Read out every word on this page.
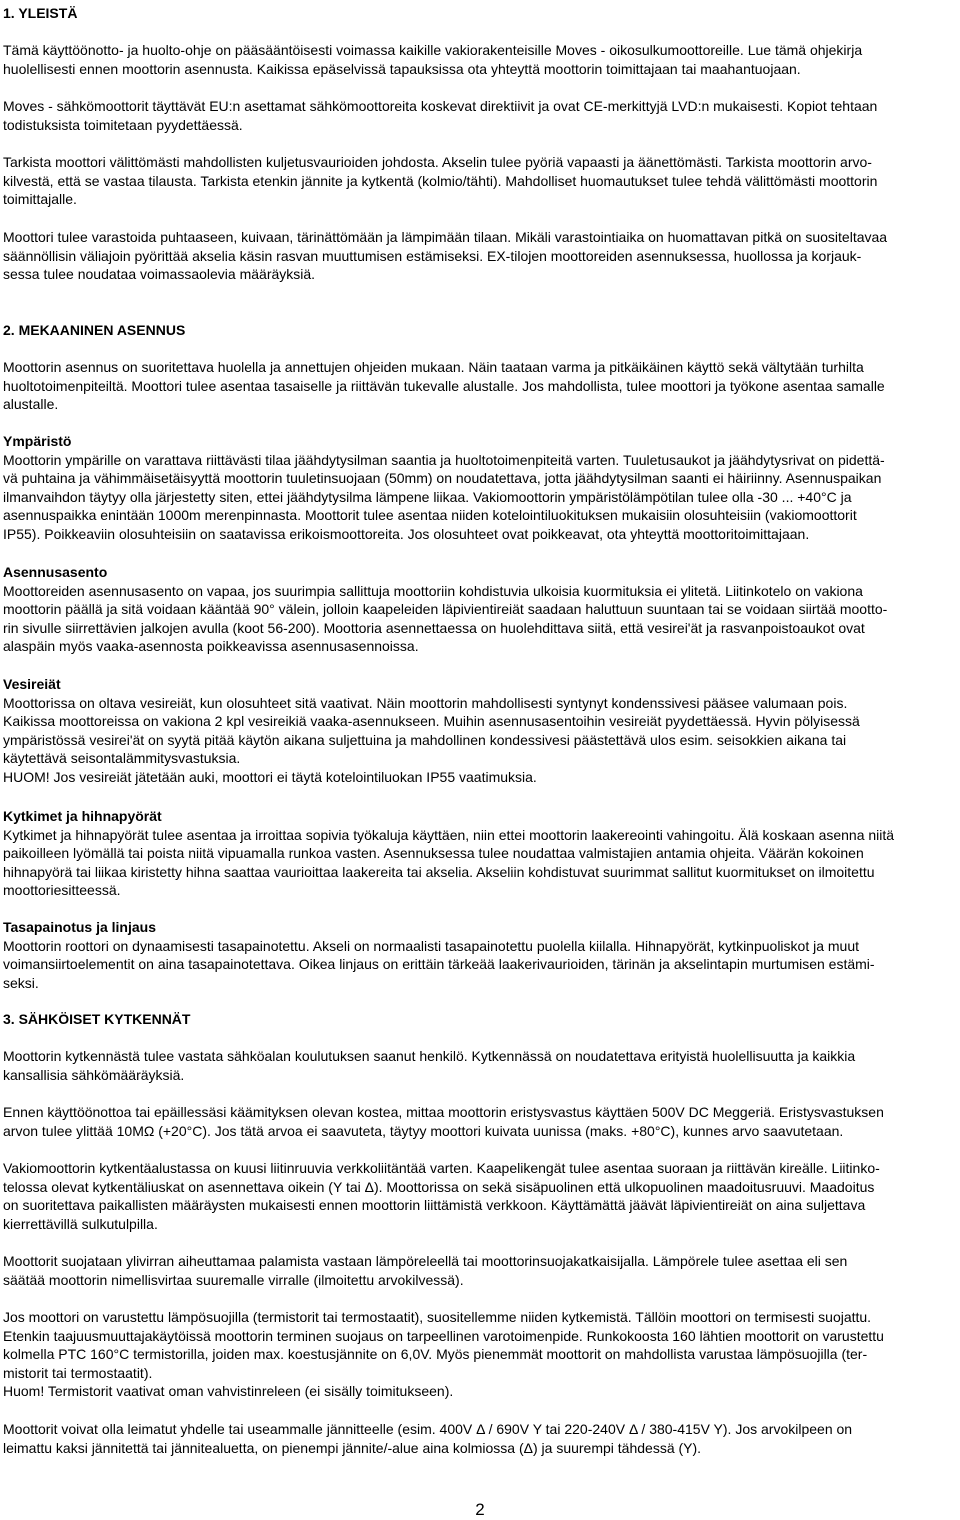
1. YLEISTÄ
Tämä käyttöönotto- ja huolto-ohje on pääsääntöisesti voimassa kaikille vakiorakenteisille Moves - oikosulkumoottoreille. Lue tämä ohjekirja
huolellisesti ennen moottorin asennusta. Kaikissa epäselvissä tapauksissa ota yhteyttä moottorin toimittajaan tai maahantuojaan.
Moves - sähkömoottorit täyttävät EU:n asettamat sähkömoottoreita koskevat direktiivit ja ovat CE-merkittyjä LVD:n mukaisesti. Kopiot tehtaan
todistuksista toimitetaan pyydettäessä.
Tarkista moottori välittömästi mahdollisten kuljetusvaurioiden johdosta. Akselin tulee pyöriä vapaasti ja äänettömästi. Tarkista moottorin arvo-
kilvestä, että se vastaa tilausta. Tarkista etenkin jännite ja kytkentä (kolmio/tähti). Mahdolliset huomautukset tulee tehdä välittömästi moottorin
toimittajalle.
Moottori tulee varastoida puhtaaseen, kuivaan, tärinättömään ja lämpimään tilaan. Mikäli varastointiaika on huomattavan pitkä on suositeltavaa
säännöllisin väliajoin pyörittää akselia käsin rasvan muuttumisen estämiseksi. EX-tilojen moottoreiden asennuksessa, huollossa ja korjauk-
sessa tulee noudataa voimassaolevia määräyksiä.
2. MEKAANINEN ASENNUS
Moottorin asennus on suoritettava huolella ja annettujen ohjeiden mukaan. Näin taataan varma ja pitkäikäinen käyttö sekä vältytään turhilta
huoltotoimenpiteiltä. Moottori tulee asentaa tasaiselle ja riittävän tukevalle alustalle. Jos mahdollista, tulee moottori ja työkone asentaa samalle
alustalle.
Ympäristö
Moottorin ympärille on varattava riittävästi tilaa jäähdytysilman saantia ja huoltotoimenpiteitä varten. Tuuletusaukot ja jäähdytysrivat on pidettä-
vä puhtaina ja vähimmäisetäisyyttä moottorin tuuletinsuojaan (50mm) on noudatettava, jotta jäähdytysilman saanti ei häiriinny. Asennuspaikan
ilmanvaihdon täytyy olla järjestetty siten, ettei jäähdytysilma lämpene liikaa. Vakiomoottorin ympäristölämpötilan tulee olla -30 ... +40°C ja
asennuspaikka enintään 1000m merenpinnasta. Moottorit tulee asentaa niiden kotelointiluokituksen mukaisiin olosuhteisiin (vakiomoottorit
IP55). Poikkeaviin olosuhteisiin on saatavissa erikoismoottoreita. Jos olosuhteet ovat poikkeavat, ota yhteyttä moottoritoimittajaan.
Asennusasento
Moottoreiden asennusasento on vapaa, jos suurimpia sallittuja moottoriin kohdistuvia ulkoisia kuormituksia ei ylitetä. Liitinkotelo on vakiona
moottorin päällä ja sitä voidaan kääntää 90° välein, jolloin kaapeleiden läpivientireiät saadaan haluttuun suuntaan tai se voidaan siirtää mootto-
rin sivulle siirrettävien jalkojen avulla (koot 56-200). Moottoria asennettaessa on huolehdittava siitä, että vesirei'ät ja rasvanpoistoaukot ovat
alaspäin myös vaaka-asennosta poikkeavissa asennusasennoissa.
Vesireiät
Moottorissa on oltava vesireiät, kun olosuhteet sitä vaativat. Näin moottorin mahdollisesti syntynyt kondenssivesi pääsee valumaan pois.
Kaikissa moottoreissa on vakiona 2 kpl vesireikiä vaaka-asennukseen. Muihin asennusasentoihin vesireiät pyydettäessä. Hyvin pölyisessä
ympäristössä vesirei'ät on syytä pitää käytön aikana suljettuina ja mahdollinen kondessivesi päästettävä ulos esim. seisokkien aikana tai
käytettävä seisontalämmitysvastuksia.
HUOM! Jos vesireiät jätetään auki, moottori ei täytä kotelointiluokan IP55 vaatimuksia.
Kytkimet ja hihnapyörät
Kytkimet ja hihnapyörät tulee asentaa ja irroittaa sopivia työkaluja käyttäen, niin ettei moottorin laakereointi vahingoitu. Älä koskaan asenna niitä
paikoilleen lyömällä tai poista niitä vipuamalla runkoa vasten. Asennuksessa tulee noudattaa valmistajien antamia ohjeita. Väärän kokoinen
hihnapyörä tai liikaa kiristetty hihna saattaa vaurioittaa laakereita tai akselia. Akseliin kohdistuvat suurimmat sallitut kuormitukset on ilmoitettu
moottoriesitteessä.
Tasapainotus ja linjaus
Moottorin roottori on dynaamisesti tasapainotettu. Akseli on normaalisti tasapainotettu puolella kiilalla. Hihnapyörät, kytkinpuoliskot ja muut
voimansiirtoelementit on aina tasapainotettava. Oikea linjaus on erittäin tärkeää laakerivaurioiden, tärinän ja akselintapin murtumisen estämi-
seksi.
3. SÄHKÖISET KYTKENNÄT
Moottorin kytkennästä tulee vastata sähköalan koulutuksen saanut henkilö. Kytkennässä on noudatettava erityistä huolellisuutta ja kaikkia
kansallisia sähkömääräyksiä.
Ennen käyttöönottoa tai epäillessäsi käämityksen olevan kostea, mittaa moottorin eristysvastus käyttäen 500V DC Meggeriä. Eristysvastuksen
arvon tulee ylittää 10MΩ (+20°C). Jos tätä arvoa ei saavuteta, täytyy moottori kuivata uunissa (maks. +80°C), kunnes arvo saavutetaan.
Vakiomoottorin kytkentäalustassa on kuusi liitinruuvia verkkoliitäntää varten. Kaapelikengät tulee asentaa suoraan ja riittävän kireälle. Liitinko-
telossa olevat kytkentäliuskat on asennettava oikein (Y tai Δ). Moottorissa on sekä sisäpuolinen että ulkopuolinen maadoitusruuvi. Maadoitus
on suoritettava paikallisten määräysten mukaisesti ennen moottorin liittämistä verkkoon. Käyttämättä jäävät läpivientireiät on aina suljettava
kierrettävillä sulkutulpilla.
Moottorit suojataan ylivirran aiheuttamaa palamista vastaan lämpöreleellä tai moottorinsuojakatkaisijalla. Lämpörele tulee asettaa eli sen
säätää moottorin nimellisvirtaa suuremalle virralle (ilmoitettu arvokilvessä).
Jos moottori on varustettu lämpösuojilla (termistorit tai termostaatit), suositellemme niiden kytkemistä. Tällöin moottori on termisesti suojattu.
Etenkin taajuusmuuttajakäytöissä moottorin terminen suojaus on tarpeellinen varotoimenpide. Runkokoosta 160 lähtien moottorit on varustettu
kolmella PTC 160°C termistorilla, joiden max. koestusjännite on 6,0V. Myös pienemmät moottorit on mahdollista varustaa lämpösuojilla (ter-
mistorit tai termostaatit).
Huom! Termistorit vaativat oman vahvistinreleen (ei sisälly toimitukseen).
Moottorit voivat olla leimatut yhdelle tai useammalle jännitteelle (esim. 400V Δ / 690V Y tai 220-240V Δ / 380-415V Y). Jos arvokilpeen on
leimattu kaksi jännitettä tai jännitealuetta, on pienempi jännite/-alue aina kolmiossa (Δ) ja suurempi tähdessä (Y).
2
